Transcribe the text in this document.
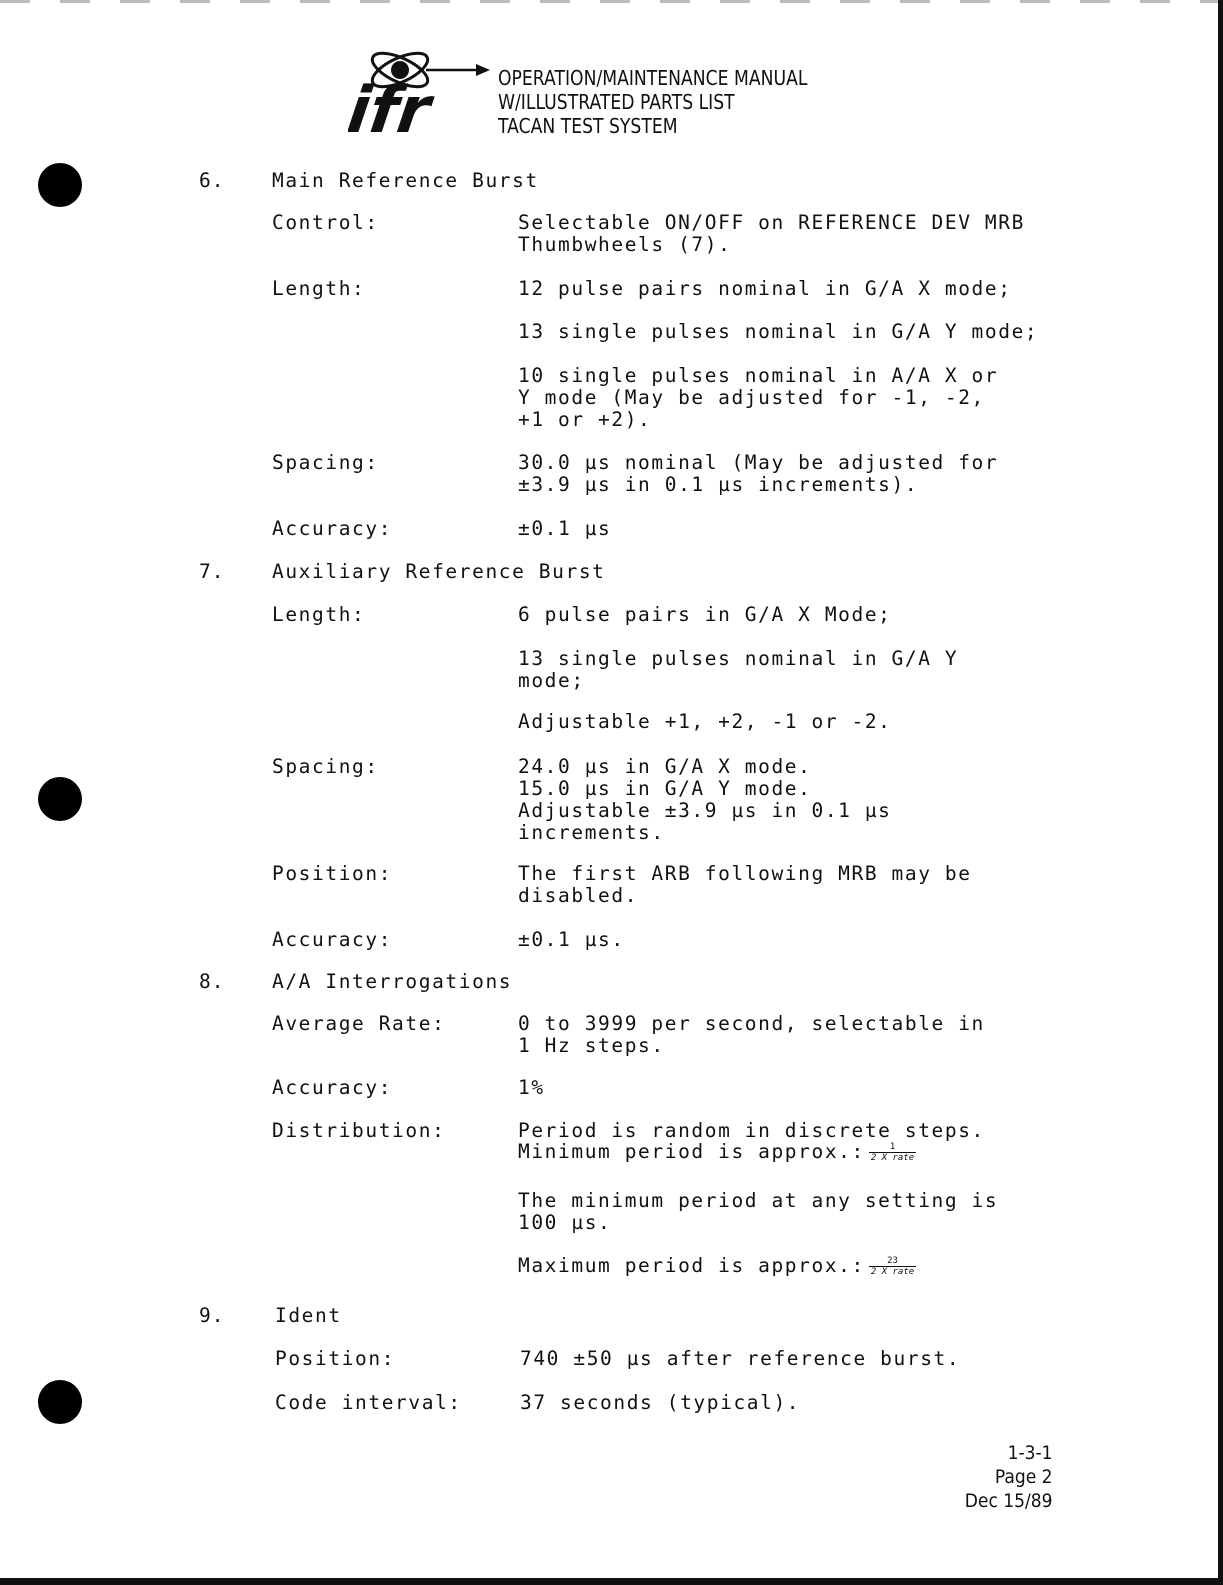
ifr	OPERATION/MAINTENANCE MANUAL
W/ILLUSTRATED PARTS LIST
TACAN TEST SYSTEM
6. Main Reference Burst
Control:	Selectable ON/OFF on REFERENCE DEV MRB
Thumbwheels (7).
Length:	12 pulse pairs nominal in G/A X mode;
13 single pulses nominal in G/A Y mode;
10 single pulses nominal in A/A X or
Y mode (May be adjusted for -1, -2,
+1 or +2).
Spacing:	30.0 µs nominal (May be adjusted for
±3.9 µs in 0.1 µs increments).
Accuracy:	±0.1 µs
7. Auxiliary Reference Burst
Length:	6 pulse pairs in G/A X Mode;
13 single pulses nominal in G/A Y
mode;
Adjustable +1, +2, -1 or -2.
Spacing:	24.0 µs in G/A X mode.
15.0 µs in G/A Y mode.
Adjustable ±3.9 µs in 0.1 µs
increments.
Position:	The first ARB following MRB may be
disabled.
Accuracy:	±0.1 µs.
8. A/A Interrogations
Average Rate:	0 to 3999 per second, selectable in
1 Hz steps.
Accuracy:	1%
Distribution:	Period is random in discrete steps.
Minimum period is approx.: $\frac{1}{\text{2 X rate}}$
The minimum period at any setting is
100 µs.
Maximum period is approx.: $\frac{23}{\text{2 X rate}}$
9.	Ident
Position:	740 ±50 µs after reference burst.
Code interval:	37 seconds (typical).
1-3-1
Page 2
Dec 15/89
